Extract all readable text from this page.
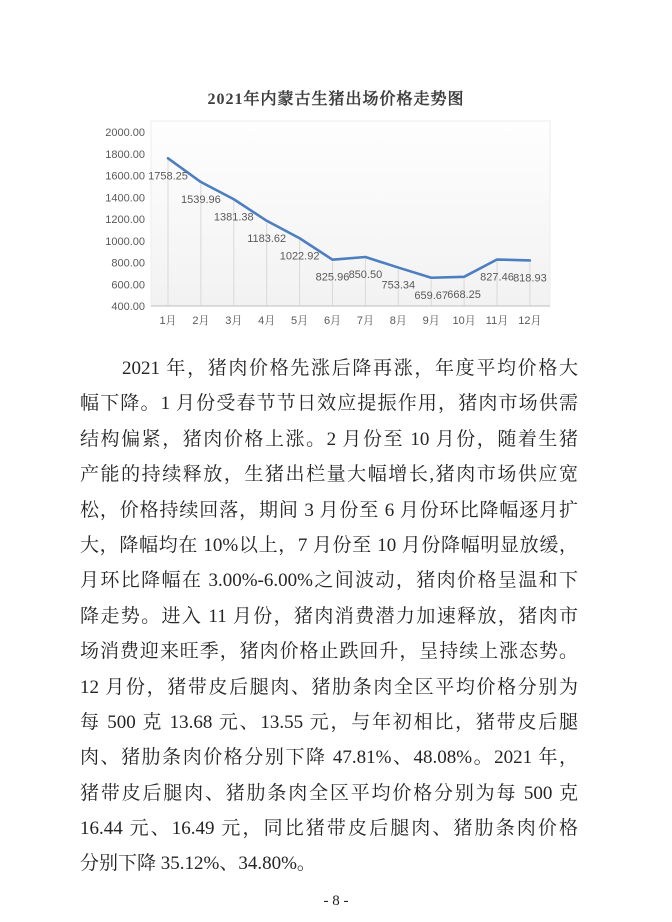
2021年内蒙古生猪出场价格走势图
2000.00
1800.00
1600.00
1400.00
1200.00
1000.00
800.00
600.00
400.00
1月 2月 3月 4月 5月 6月 7月 8月 9月 10月 11月 12月
1758.25
1539.96
1381.38
1183.62
1022.92
825.96 850.50
753.34
659.67 668.25
827.46 818.93
2021 年，猪肉价格先涨后降再涨，年度平均价格大
幅下降。1 月份受春节节日效应提振作用，猪肉市场供需
结构偏紧，猪肉价格上涨。2 月份至 10 月份，随着生猪
产能的持续释放，生猪出栏量大幅增长,猪肉市场供应宽
松，价格持续回落，期间 3 月份至 6 月份环比降幅逐月扩
大，降幅均在 10%以上，7 月份至 10 月份降幅明显放缓，
月环比降幅在 3.00%-6.00%之间波动，猪肉价格呈温和下
降走势。进入 11 月份，猪肉消费潜力加速释放，猪肉市
场消费迎来旺季，猪肉价格止跌回升，呈持续上涨态势。
12 月份，猪带皮后腿肉、猪肋条肉全区平均价格分别为
每 500 克 13.68 元、13.55 元，与年初相比，猪带皮后腿
肉、猪肋条肉价格分别下降 47.81%、48.08%。2021 年，
猪带皮后腿肉、猪肋条肉全区平均价格分别为每 500 克
16.44 元、16.49 元，同比猪带皮后腿肉、猪肋条肉价格
分别下降 35.12%、34.80%。
- 8 -
